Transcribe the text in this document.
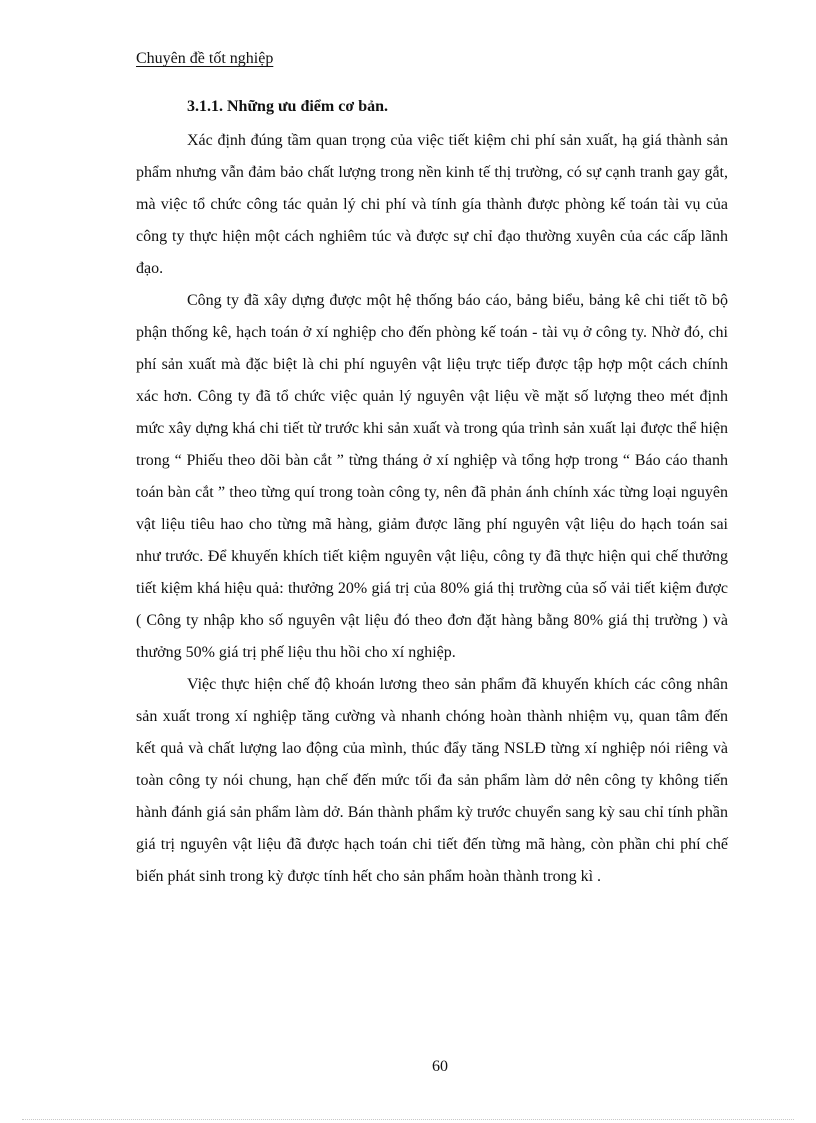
Chuyên đề tốt nghiệp

3.1.1. Những ưu điểm cơ bản.

Xác định đúng tầm quan trọng của việc tiết kiệm chi phí sản xuất, hạ giá thành sản phẩm nhưng vẫn đảm bảo chất lượng trong nền kinh tế thị trường, có sự cạnh tranh gay gắt, mà việc tổ chức công tác quản lý chi phí và tính gía thành được phòng kế toán tài vụ của công ty thực hiện một cách nghiêm túc và được sự chỉ đạo thường xuyên của các cấp lãnh đạo.

Công ty đã xây dựng được một hệ thống báo cáo, bảng biểu, bảng kê chi tiết tõ bộ phận thống kê, hạch toán ở xí nghiệp cho đến phòng kế toán - tài vụ ở công ty. Nhờ đó, chi phí sản xuất mà đặc biệt là chi phí nguyên vật liệu trực tiếp được tập hợp một cách chính xác hơn. Công ty đã tổ chức việc quản lý nguyên vật liệu về mặt số lượng theo mét định mức xây dựng khá chi tiết từ trước khi sản xuất và trong qúa trình sản xuất lại được thể hiện trong “ Phiếu theo dõi bàn cắt ” từng tháng ở xí nghiệp và tổng hợp trong “ Báo cáo thanh toán bàn cắt ” theo từng quí trong toàn công ty, nên đã phản ánh chính xác từng loại nguyên vật liệu tiêu hao cho từng mã hàng, giảm được lãng phí nguyên vật liệu do hạch toán sai như trước. Để khuyến khích tiết kiệm nguyên vật liệu, công ty đã thực hiện qui chế thưởng tiết kiệm khá hiệu quả: thưởng 20% giá trị của 80% giá thị trường của số vải tiết kiệm được ( Công ty nhập kho số nguyên vật liệu đó theo đơn đặt hàng bằng 80% giá thị trường ) và thưởng 50% giá trị phế liệu thu hồi cho xí nghiệp.

Việc thực hiện chế độ khoán lương theo sản phẩm đã khuyến khích các công nhân sản xuất trong xí nghiệp tăng cường và nhanh chóng hoàn thành nhiệm vụ, quan tâm đến kết quả và chất lượng lao động của mình, thúc đẩy tăng NSLĐ từng xí nghiệp nói riêng và toàn công ty nói chung, hạn chế đến mức tối đa sản phẩm làm dở nên công ty không tiến hành đánh giá sản phẩm làm dở. Bán thành phẩm kỳ trước chuyển sang kỳ sau chỉ tính phần giá trị nguyên vật liệu đã được hạch toán chi tiết đến từng mã hàng, còn phần chi phí chế biến phát sinh trong kỳ được tính hết cho sản phẩm hoàn thành trong kì .

60
